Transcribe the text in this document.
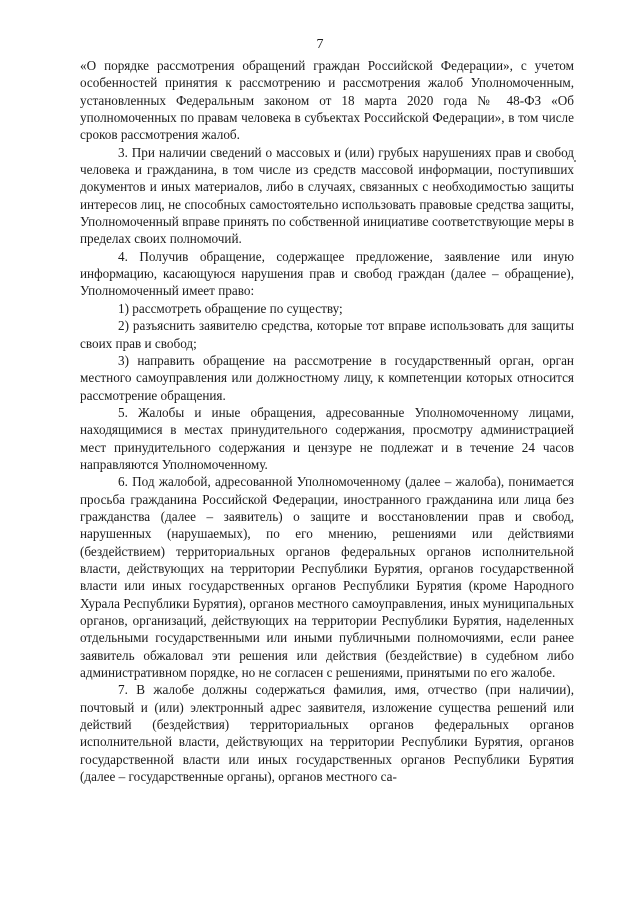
7

«О порядке рассмотрения обращений граждан Российской Федерации», с учетом особенностей принятия к рассмотрению и рассмотрения жалоб Уполномоченным, установленных Федеральным законом от 18 марта 2020 года № 48-ФЗ «Об уполномоченных по правам человека в субъектах Российской Федерации», в том числе сроков рассмотрения жалоб.

3. При наличии сведений о массовых и (или) грубых нарушениях прав и свобод человека и гражданина, в том числе из средств массовой информации, поступивших документов и иных материалов, либо в случаях, связанных с необходимостью защиты интересов лиц, не способных самостоятельно использовать правовые средства защиты, Уполномоченный вправе принять по собственной инициативе соответствующие меры в пределах своих полномочий.

4. Получив обращение, содержащее предложение, заявление или иную информацию, касающуюся нарушения прав и свобод граждан (далее – обращение), Уполномоченный имеет право:

1) рассмотреть обращение по существу;

2) разъяснить заявителю средства, которые тот вправе использовать для защиты своих прав и свобод;

3) направить обращение на рассмотрение в государственный орган, орган местного самоуправления или должностному лицу, к компетенции которых относится рассмотрение обращения.

5. Жалобы и иные обращения, адресованные Уполномоченному лицами, находящимися в местах принудительного содержания, просмотру администрацией мест принудительного содержания и цензуре не подлежат и в течение 24 часов направляются Уполномоченному.

6. Под жалобой, адресованной Уполномоченному (далее – жалоба), понимается просьба гражданина Российской Федерации, иностранного гражданина или лица без гражданства (далее – заявитель) о защите и восстановлении прав и свобод, нарушенных (нарушаемых), по его мнению, решениями или действиями (бездействием) территориальных органов федеральных органов исполнительной власти, действующих на территории Республики Бурятия, органов государственной власти или иных государственных органов Республики Бурятия (кроме Народного Хурала Республики Бурятия), органов местного самоуправления, иных муниципальных органов, организаций, действующих на территории Республики Бурятия, наделенных отдельными государственными или иными публичными полномочиями, если ранее заявитель обжаловал эти решения или действия (бездействие) в судебном либо административном порядке, но не согласен с решениями, принятыми по его жалобе.

7. В жалобе должны содержаться фамилия, имя, отчество (при наличии), почтовый и (или) электронный адрес заявителя, изложение существа решений или действий (бездействия) территориальных органов федеральных органов исполнительной власти, действующих на территории Республики Бурятия, органов государственной власти или иных государственных органов Республики Бурятия (далее – государственные органы), органов местного са-
